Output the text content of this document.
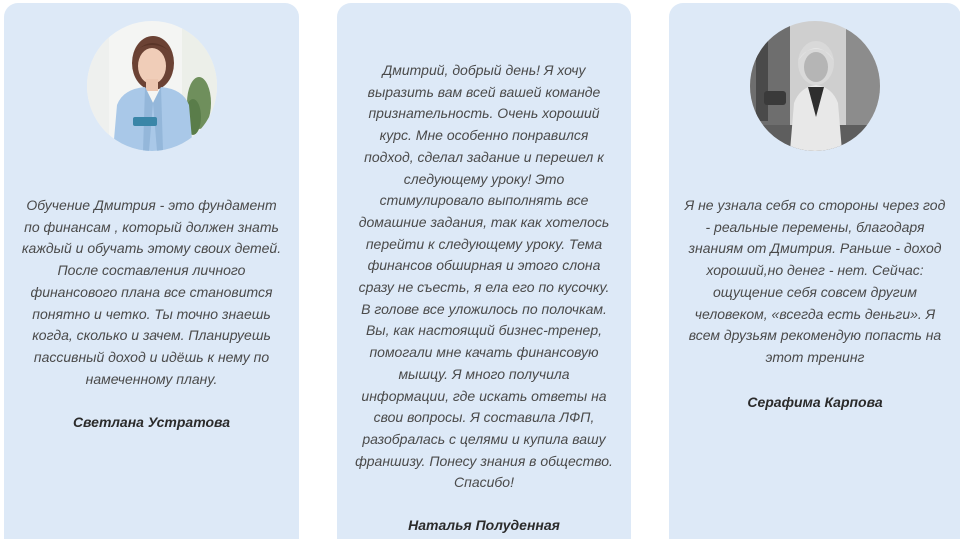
Обучение Дмитрия - это фундамент по финансам , который должен знать каждый и обучать этому своих детей. После составления личного финансового плана все становится понятно и четко. Ты точно знаешь когда, сколько и зачем. Планируешь пассивный доход и идёшь к нему по намеченному плану.

Светлана Устратова

Дмитрий, добрый день! Я хочу выразить вам всей вашей команде признательность. Очень хороший курс. Мне особенно понравился подход, сделал задание и перешел к следующему уроку! Это стимулировало выполнять все домашние задания, так как хотелось перейти к следующему уроку. Тема финансов обширная и этого слона сразу не съесть, я ела его по кусочку. В голове все уложилось по полочкам. Вы, как настоящий бизнес-тренер, помогали мне качать финансовую мышцу. Я много получила информации, где искать ответы на свои вопросы. Я составила ЛФП, разобралась с целями и купила вашу франшизу. Понесу знания в общество. Спасибо!

Наталья Полуденная

Я не узнала себя со стороны через год - реальные перемены, благодаря знаниям от Дмитрия. Раньше - доход хороший,но денег - нет. Сейчас: ощущение себя совсем другим человеком, «всегда есть деньги». Я всем друзьям рекомендую попасть на этот тренинг

Серафима Карпова
